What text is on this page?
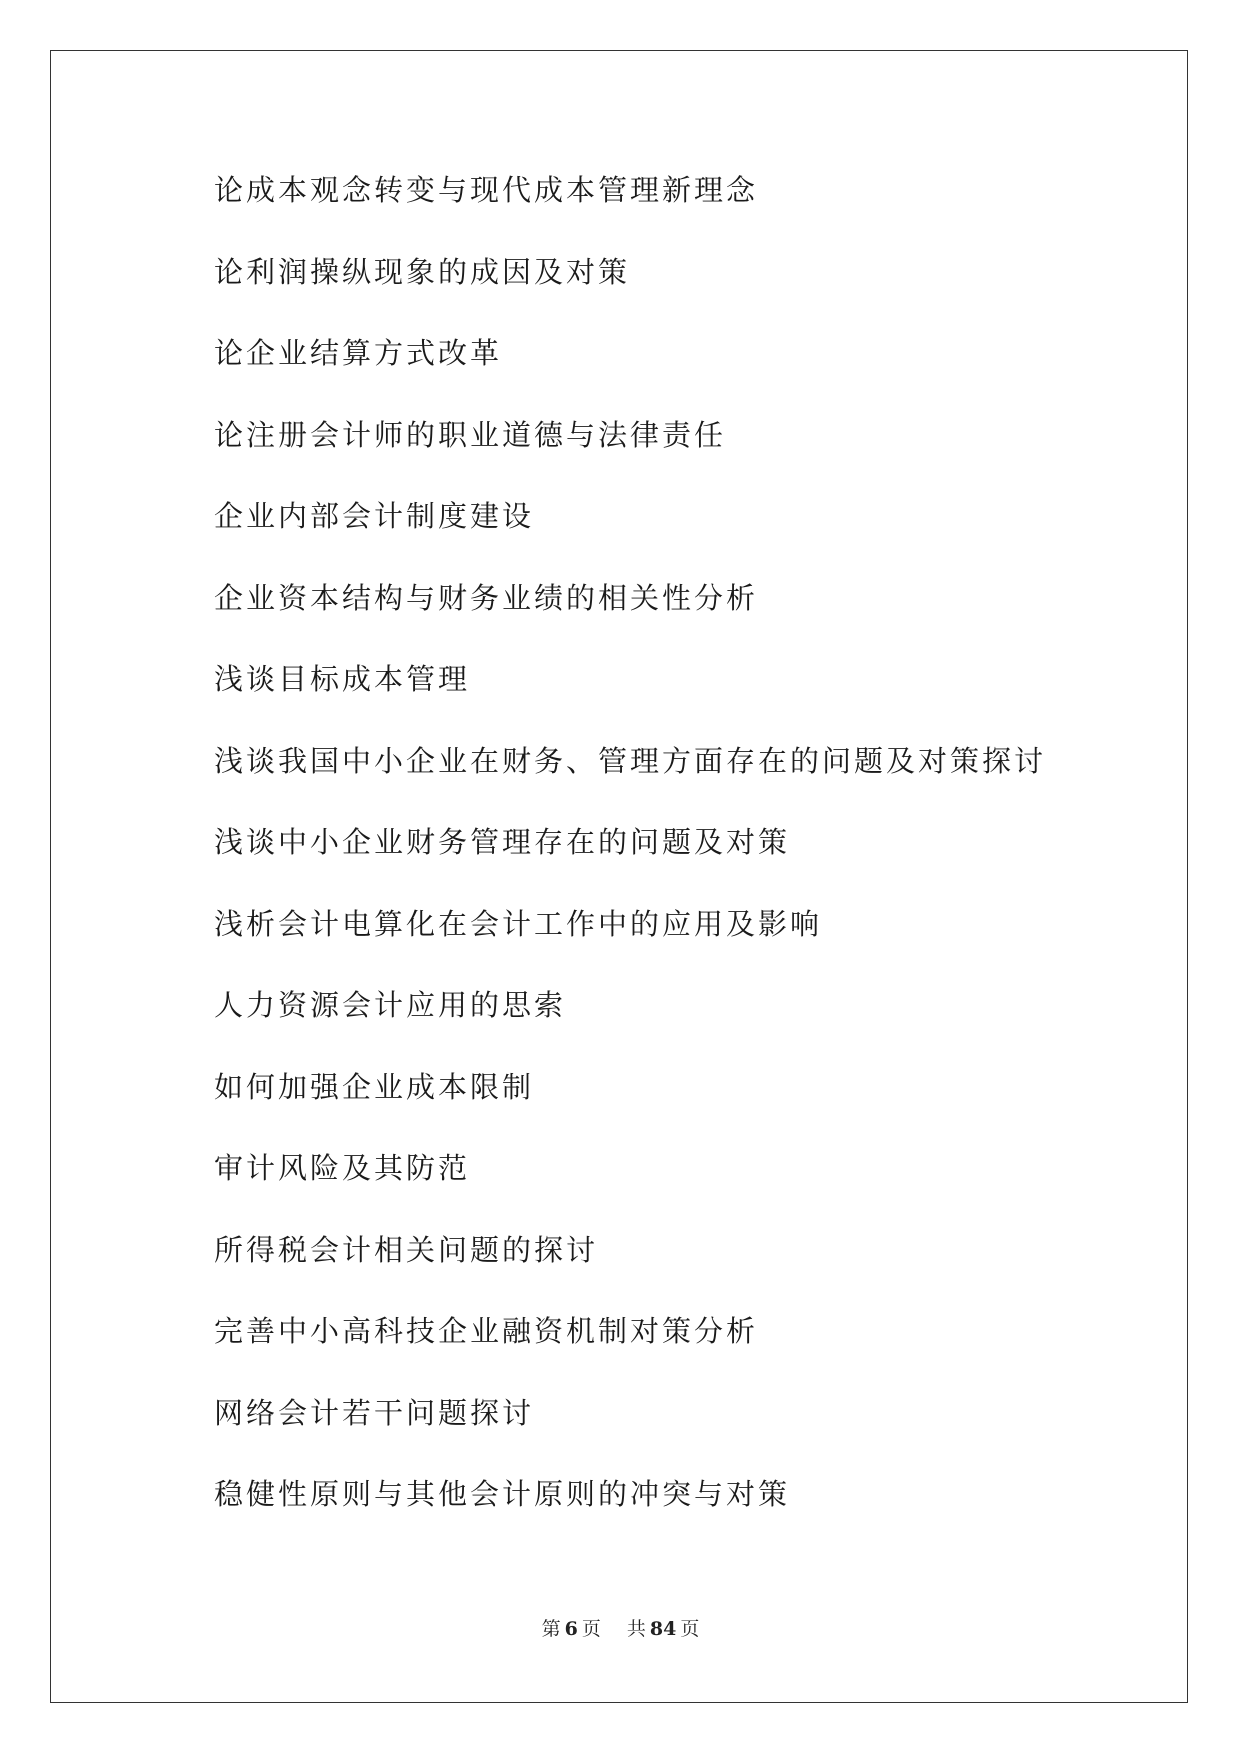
论成本观念转变与现代成本管理新理念
论利润操纵现象的成因及对策
论企业结算方式改革
论注册会计师的职业道德与法律责任
企业内部会计制度建设
企业资本结构与财务业绩的相关性分析
浅谈目标成本管理
浅谈我国中小企业在财务、管理方面存在的问题及对策探讨
浅谈中小企业财务管理存在的问题及对策
浅析会计电算化在会计工作中的应用及影响
人力资源会计应用的思索
如何加强企业成本限制
审计风险及其防范
所得税会计相关问题的探讨
完善中小高科技企业融资机制对策分析
网络会计若干问题探讨
稳健性原则与其他会计原则的冲突与对策
第 6 页 共 84 页
